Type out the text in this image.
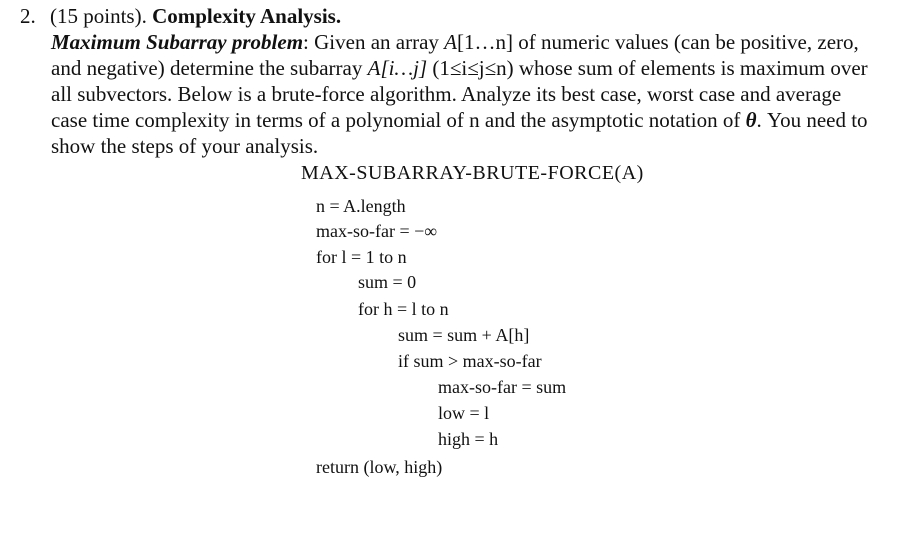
2. (15 points). Complexity Analysis.
Maximum Subarray problem: Given an array A[1…n] of numeric values (can be positive, zero, and negative) determine the subarray A[i…j] (1≤i≤j≤n) whose sum of elements is maximum over all subvectors. Below is a brute-force algorithm. Analyze its best case, worst case and average case time complexity in terms of a polynomial of n and the asymptotic notation of θ. You need to show the steps of your analysis.
MAX-SUBARRAY-BRUTE-FORCE(A)
n = A.length
max-so-far = −∞
for l = 1 to n
sum = 0
for h = l to n
sum = sum + A[h]
if sum > max-so-far
max-so-far = sum
low = l
high = h
return (low, high)
